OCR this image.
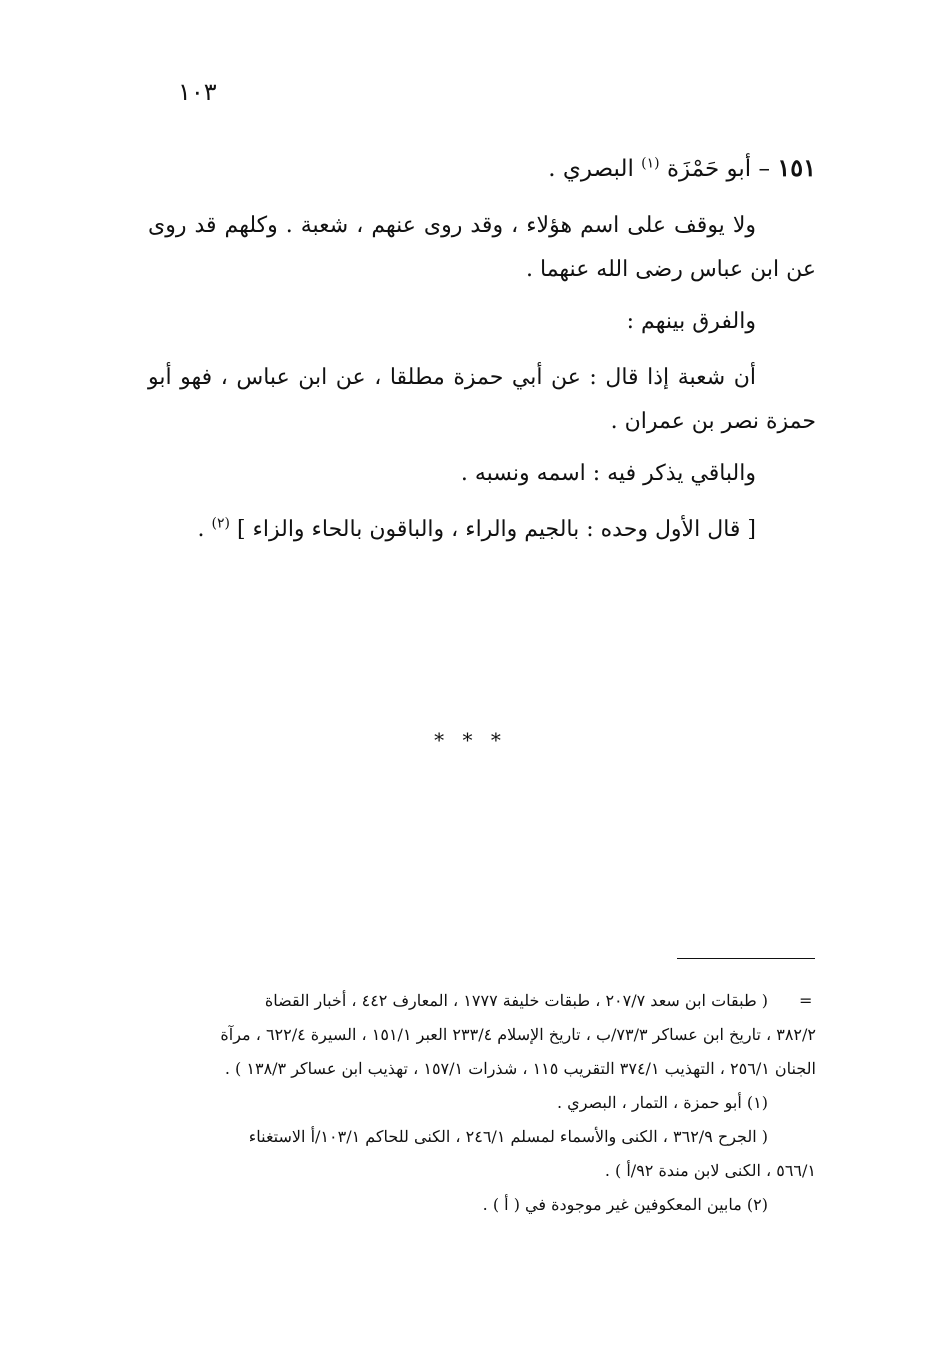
١٠٣
١٥١ – أبو حَمْزَة $^{(١)}$ البصري .
ولا يوقف على اسم هؤلاء ، وقد روى عنهم ، شعبة . وكلهم قد روى عن ابن عباس رضى الله عنهما .
والفرق بينهم :
أن شعبة إذا قال : عن أبي حمزة مطلقا ، عن ابن عباس ، فهو أبو حمزة نصر بن عمران .
والباقي يذكر فيه : اسمه ونسبه .
[ قال الأول وحده : بالجيم والراء ، والباقون بالحاء والزاء ] $^{(٢)}$ .
* * *
=
( طبقات ابن سعد ٢٠٧/٧ ، طبقات خليفة ١٧٧٧ ، المعارف ٤٤٢ ، أخبار القضاة
٣٨٢/٢ ، تاريخ ابن عساكر ٧٣/٣/ب ، تاريخ الإسلام ٢٣٣/٤ العبر ١٥١/١ ، السيرة ٦٢٢/٤ ، مرآة
الجنان ٢٥٦/١ ، التهذيب ٣٧٤/١ التقريب ١١٥ ، شذرات ١٥٧/١ ، تهذيب ابن عساكر ١٣٨/٣ ) .
(١) أبو حمزة ، التمار ، البصري .
( الجرح ٣٦٢/٩ ، الكنى والأسماء لمسلم ٢٤٦/١ ، الكنى للحاكم ١٠٣/١/أ الاستغناء
٥٦٦/١ ، الكنى لابن مندة ٩٢/أ ) .
(٢) مابين المعكوفين غير موجودة في ( أ ) .
